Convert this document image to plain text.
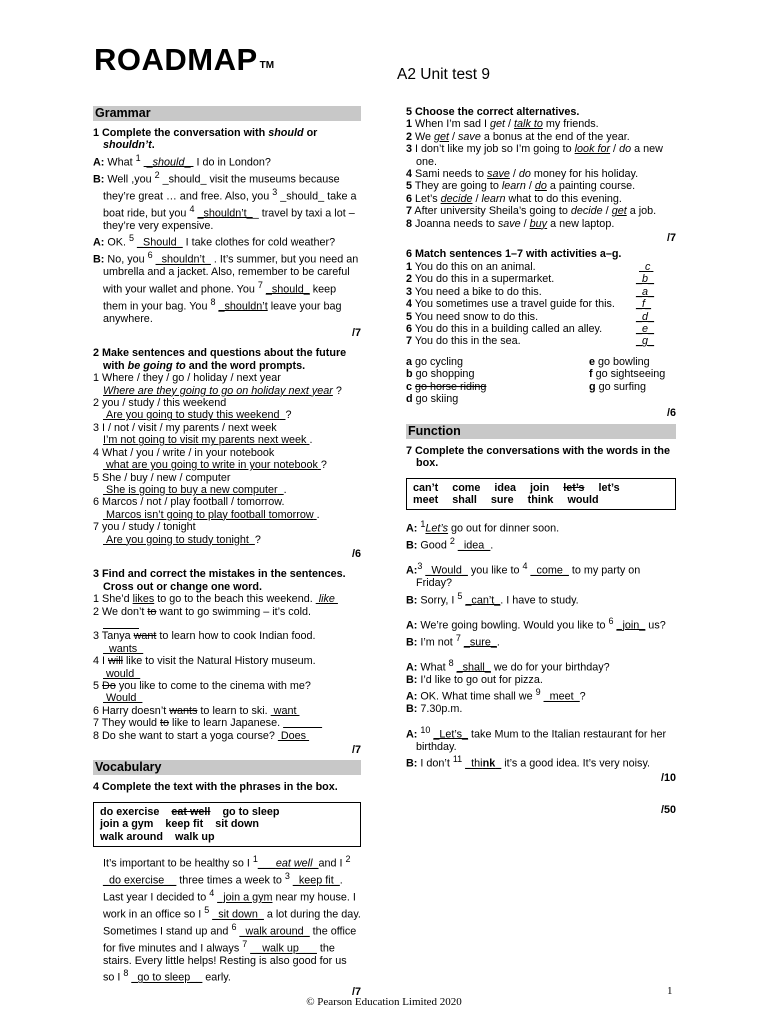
ROADMAP ™
A2 Unit test 9
Grammar
1 Complete the conversation with should or shouldn’t.
A: What $^1$  _should_  I do in London?
B: Well ,you $^2$ _should_ visit the museums because they’re great … and free. Also, you $^3$ _should_ take a boat ride, but you $^4$ _shouldn’t__ travel by taxi a lot – they’re very expensive.
A: OK. $^5$ _Should_ I take clothes for cold weather?
B: No, you $^6$ _shouldn’t_ . It’s summer, but you need an umbrella and a jacket. Also, remember to be careful with your wallet and phone. You $^7$ _should_ keep them in your bag. You $^8$ _shouldn’t leave your bag anywhere.
/7
2 Make sentences and questions about the future with be going to and the word prompts.
1 Where / they / go / holiday / next year
Where are they going to go on holiday next year ?
2 you / study / this weekend
Are you going to study this weekend ?
3 I / not / visit / my parents / next week
I’m not going to visit my parents next week .
4 What / you / write / in your notebook
what are you going to write in your notebook ?
5 She / buy / new / computer
She is going to buy a new computer .
6 Marcos / not / play football / tomorrow.
Marcos isn’t going to play football tomorrow .
7 you / study / tonight
Are you going to study tonight ?
/6
3 Find and correct the mistakes in the sentences. Cross out or change one word.
1 She’d likes to go to the beach this weekend.  like
2 We don’t to want to go swimming – it’s cold.

3 Tanya want to learn how to cook Indian food.
wants
4 I will like to visit the Natural History museum.
would
5 Do you like to come to the cinema with me?
Would
6 Harry doesn’t wants to learn to ski.  want
7 They would to like to learn Japanese.
8 Do she want to start a yoga course?  Does
/7
Vocabulary
4 Complete the text with the phrases in the box.
do exercise eat well go to sleep
join a gym keep fit sit down
walk around walk up
It’s important to be healthy so I $^1$___eat well_and I $^2$ _do exercise__ three times a week to $^3$ _keep fit_. Last year I decided to $^4$ _join a gym near my house. I work in an office so I $^5$ _sit down_ a lot during the day. Sometimes I stand up and $^6$ _walk around_ the office for five minutes and I always $^7$ __walk up___ the stairs. Every little helps! Resting is also good for us so I $^8$ _go to sleep__ early.
/7
5 Choose the correct alternatives.
1 When I’m sad I get / talk to my friends.
2 We get / save a bonus at the end of the year.
3 I don’t like my job so I’m going to look for / do a new one.
4 Sami needs to save / do money for his holiday.
5 They are going to learn / do a painting course.
6 Let’s decide / learn what to do this evening.
7 After university Sheila’s going to decide / get a job.
8 Joanna needs to save / buy a new laptop.
/7
6 Match sentences 1–7 with activities a–g.
1 You do this on an animal.	c
2 You do this in a supermarket.	_b_
3 You need a bike to do this.	_a_
4 You sometimes use a travel guide for this.	_f_
5 You need snow to do this.	_d_
6 You do this in a building called an alley.	_e_
7 You do this in the sea.	_g_
a go cycling
b go shopping
c go horse riding
d go skiing
e go bowling
f go sightseeing
g go surfing
/6
Function
7 Complete the conversations with the words in the box.
can’t come idea join let’s let’s
meet shall sure think would
A: $^1$Let’s go out for dinner soon.
B: Good $^2$ _idea_.
A:$^3$ _Would_ you like to $^4$ _come_ to my party on Friday?
B: Sorry, I $^5$ _can’t_. I have to study.
A: We’re going bowling. Would you like to $^6$ _join_ us?
B: I’m not $^7$ _sure_.
A: What $^8$ _shall_ we do for your birthday?
B: I’d like to go out for pizza.
A: OK. What time shall we $^9$ _meet_?
B: 7.30p.m.
A: $^{10}$ _Let’s_ take Mum to the Italian restaurant for her birthday.
B: I don’t $^{11}$ _think_ it’s a good idea. It’s very noisy.
/10
/50
1
© Pearson Education Limited 2020
